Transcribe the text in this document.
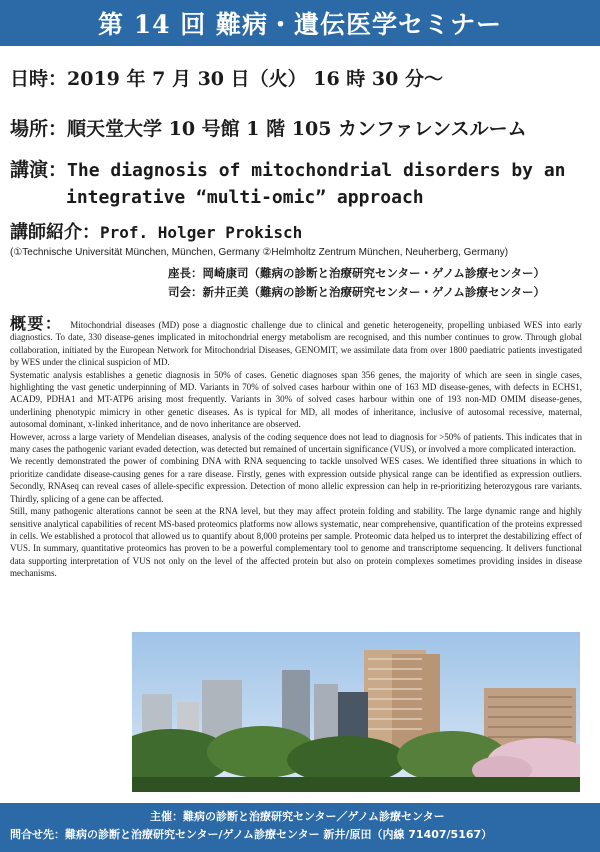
第 14 回 難病・遺伝医学セミナー
日時：2019 年 7 月 30 日（火） 16 時 30 分～
場所：順天堂大学 10 号館 1 階 105 カンファレンスルーム
講演：The diagnosis of mitochondrial disorders by an
integrative “multi-omic” approach
講師紹介：Prof. Holger Prokisch
(①Technische Universität München, München, Germany ②Helmholtz Zentrum München, Neuherberg, Germany)
座長：岡崎康司（難病の診断と治療研究センター・ゲノム診療センター）
司会：新井正美（難病の診断と治療研究センター・ゲノム診療センター）

概要： Mitochondrial diseases (MD) pose a diagnostic challenge due to clinical and genetic heterogeneity, propelling unbiased WES into early diagnostics. To date, 330 disease-genes implicated in mitochondrial energy metabolism are recognised, and this number continues to grow. Through global collaboration, initiated by the European Network for Mitochondrial Diseases, GENOMIT, we assimilate data from over 1800 paediatric patients investigated by WES under the clinical suspicion of MD.

Systematic analysis establishes a genetic diagnosis in 50% of cases. Genetic diagnoses span 356 genes, the majority of which are seen in single cases, highlighting the vast genetic underpinning of MD. Variants in 70% of solved cases harbour within one of 163 MD disease-genes, with defects in ECHS1, ACAD9, PDHA1 and MT-ATP6 arising most frequently. Variants in 30% of solved cases harbour within one of 193 non-MD OMIM disease-genes, underlining phenotypic mimicry in other genetic diseases. As is typical for MD, all modes of inheritance, inclusive of autosomal recessive, maternal, autosomal dominant, x-linked inheritance, and de novo inheritance are observed.

However, across a large variety of Mendelian diseases, analysis of the coding sequence does not lead to diagnosis for >50% of patients. This indicates that in many cases the pathogenic variant evaded detection, was detected but remained of uncertain significance (VUS), or involved a more complicated interaction.

We recently demonstrated the power of combining DNA with RNA sequencing to tackle unsolved WES cases. We identified three situations in which to prioritize candidate disease-causing genes for a rare disease. Firstly, genes with expression outside physical range can be identified as expression outliers. Secondly, RNAseq can reveal cases of allele-specific expression. Detection of mono allelic expression can help in re-prioritizing heterozygous rare variants. Thirdly, splicing of a gene can be affected.

Still, many pathogenic alterations cannot be seen at the RNA level, but they may affect protein folding and stability. The large dynamic range and highly sensitive analytical capabilities of recent MS-based proteomics platforms now allows systematic, near comprehensive, quantification of the proteins expressed in cells. We established a protocol that allowed us to quantify about 8,000 proteins per sample. Proteomic data helped us to interpret the destabilizing effect of VUS. In summary, quantitative proteomics has proven to be a powerful complementary tool to genome and transcriptome sequencing. It delivers functional data supporting interpretation of VUS not only on the level of the affected protein but also on protein complexes sometimes providing insides in disease mechanisms.

主催：難病の診断と治療研究センター／ゲノム診療センター
問合せ先：難病の診断と治療研究センター/ゲノム診療センター 新井/原田（内線 71407/5167）
